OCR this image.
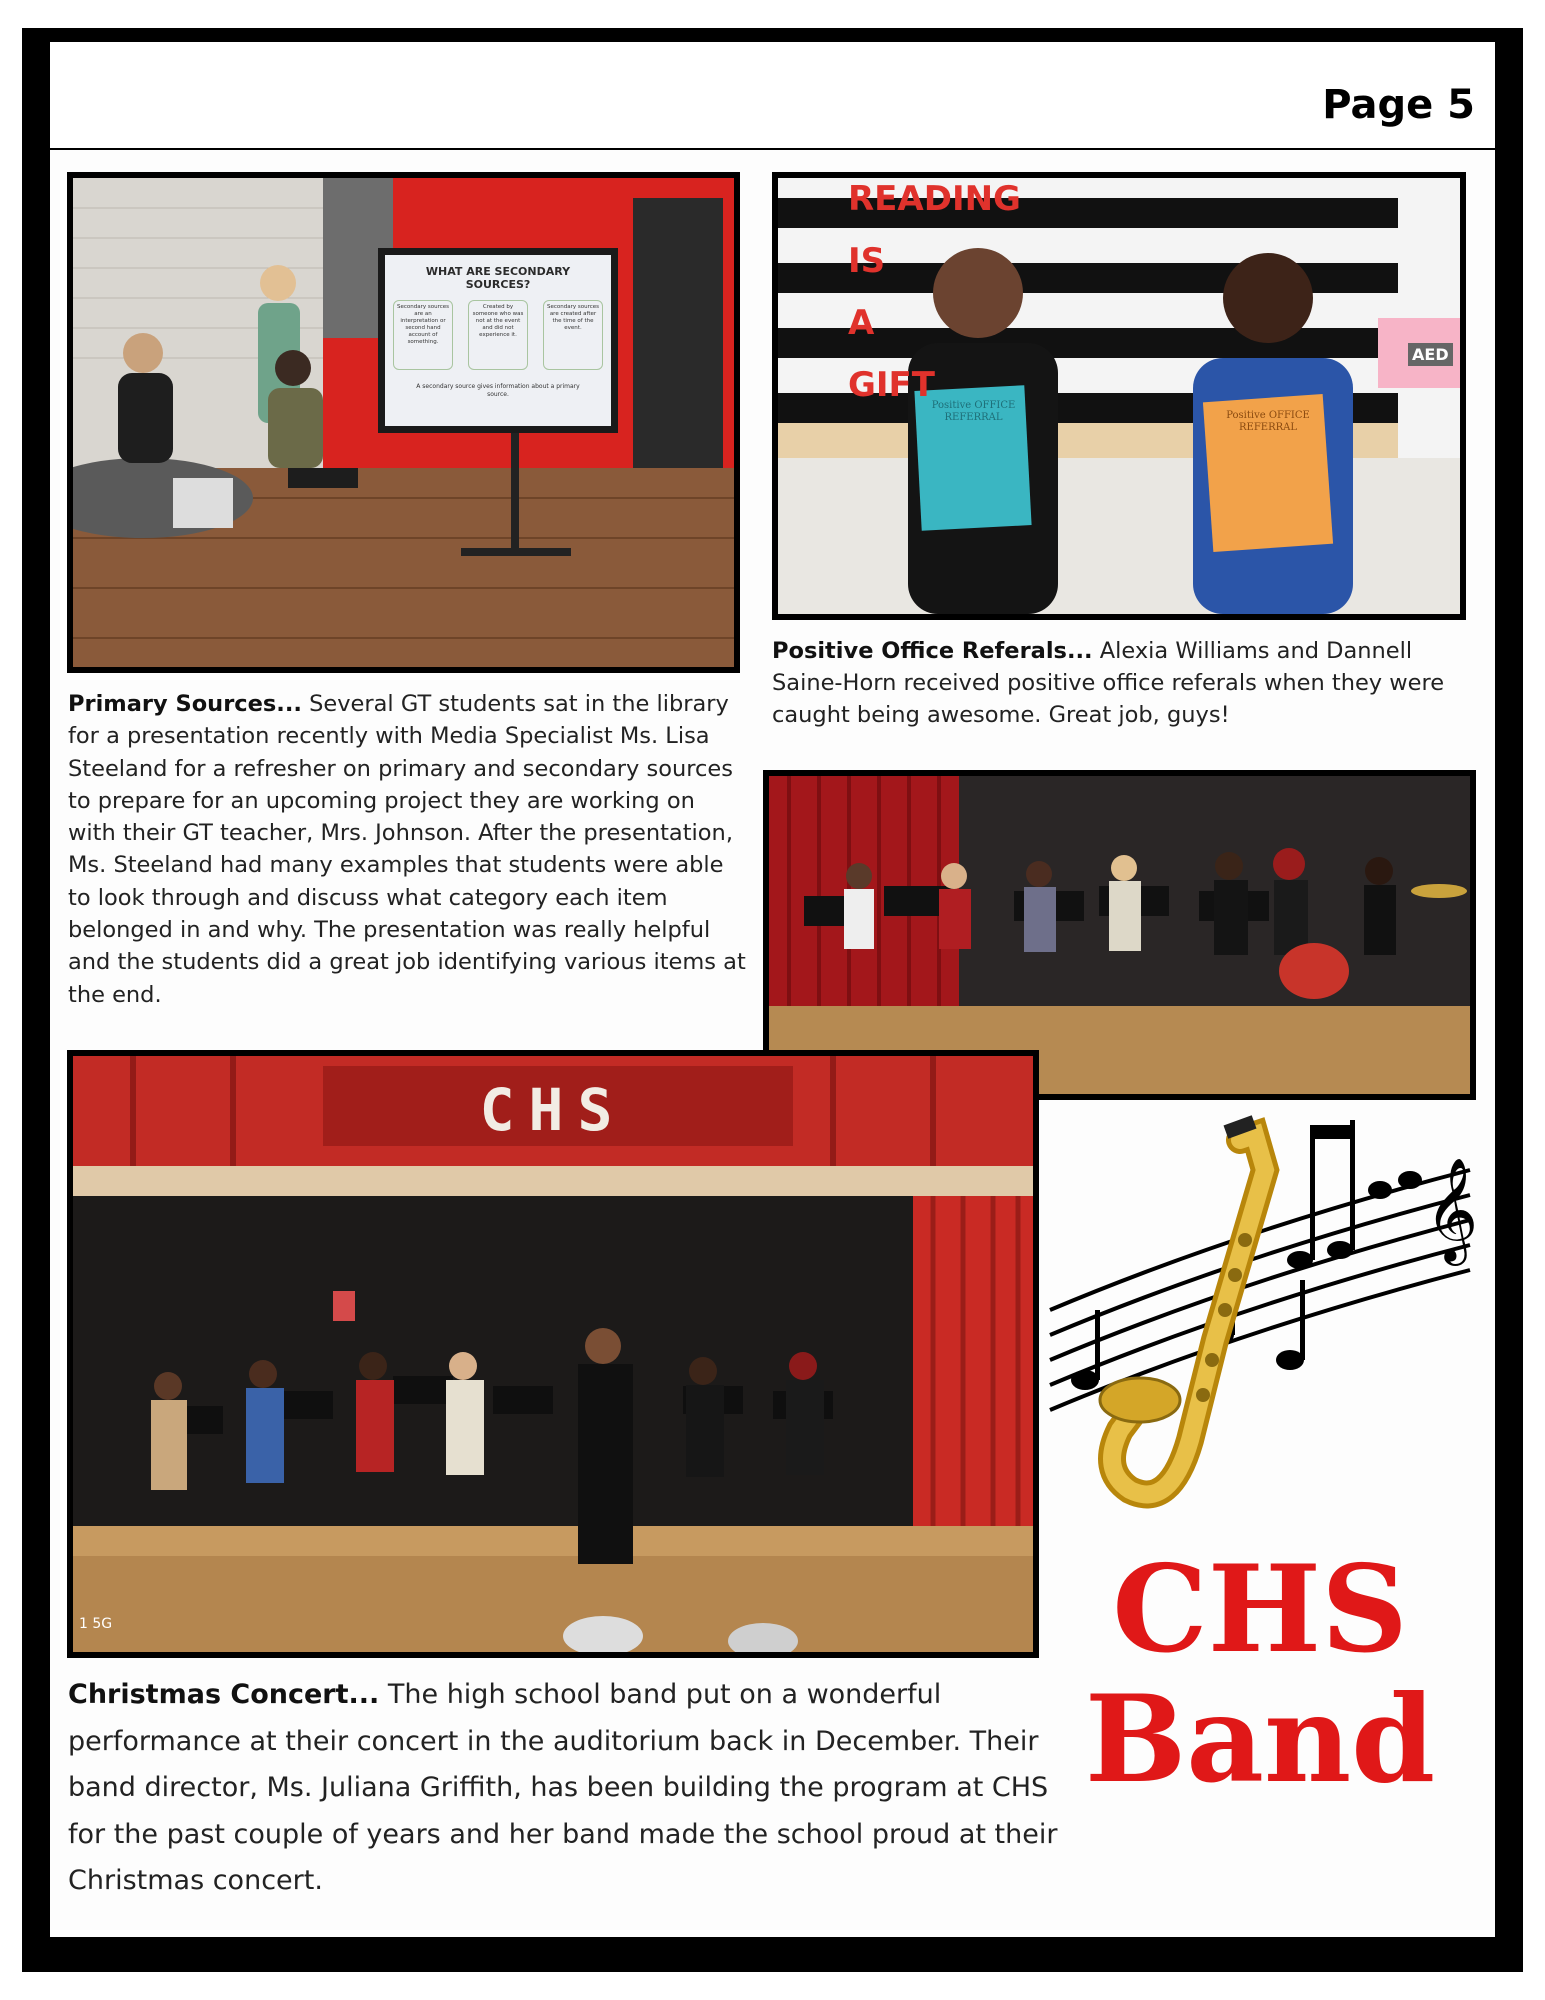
Page 5
WHAT ARE SECONDARY SOURCES?
Secondary sources are an interpretation or second hand account of something.
Created by someone who was not at the event and did not experience it.
Secondary sources are created after the time of the event.
A secondary source gives information about a primary source.
READING IS A GIFT
AED
Positive OFFICE REFERRAL	Positive OFFICE REFERRAL
CHS
1 5G
Primary Sources... Several GT students sat in the library for a presentation recently with Media Specialist Ms. Lisa Steeland for a refresher on primary and secondary sources to prepare for an upcoming project they are working on with their GT teacher, Mrs. Johnson. After the presentation, Ms. Steeland had many examples that students were able to look through and discuss what category each item belonged in and why. The presentation was really helpful and the students did a great job identifying various items at the end.
Positive Office Referals... Alexia Williams and Dannell Saine-Horn received positive office referals when they were caught being awesome. Great job, guys!
Christmas Concert... The high school band put on a wonderful performance at their concert in the auditorium back in December. Their band director, Ms. Juliana Griffith, has been building the program at CHS for the past couple of years and her band made the school proud at their Christmas concert.
𝄞
CHS
Band
